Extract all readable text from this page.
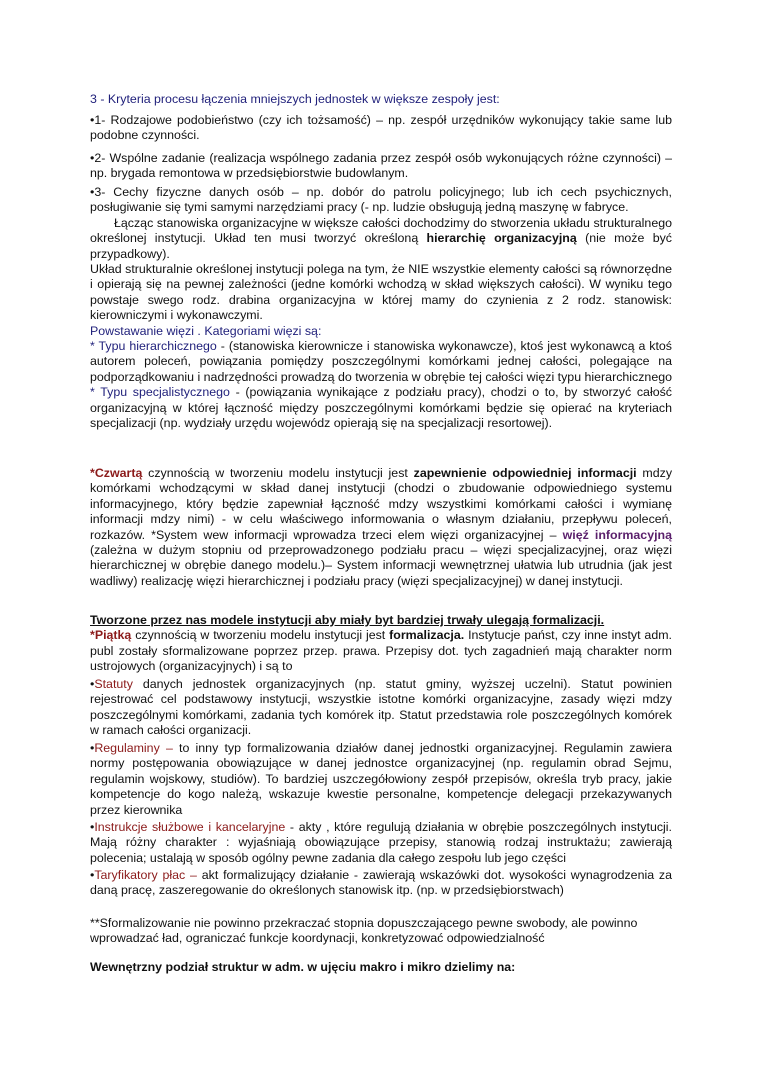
3 - Kryteria procesu łączenia mniejszych jednostek w większe zespoły jest:
•1- Rodzajowe podobieństwo (czy ich tożsamość) – np. zespół urzędników wykonujący takie same lub podobne czynności.
•2- Wspólne zadanie (realizacja wspólnego zadania przez zespół osób wykonujących różne czynności) – np. brygada remontowa w przedsiębiorstwie budowlanym.
•3- Cechy fizyczne danych osób – np. dobór do patrolu policyjnego; lub ich cech psychicznych, posługiwanie się tymi samymi narzędziami pracy (- np. ludzie obsługują jedną maszynę w fabryce.
Łącząc stanowiska organizacyjne w większe całości dochodzimy do stworzenia układu strukturalnego określonej instytucji. Układ ten musi tworzyć określoną hierarchię organizacyjną (nie może być przypadkowy).
Układ strukturalnie określonej instytucji polega na tym, że NIE wszystkie elementy całości są równorzędne i opierają się na pewnej zależności (jedne komórki wchodzą w skład większych całości). W wyniku tego powstaje swego rodz. drabina organizacyjna w której mamy do czynienia z 2 rodz. stanowisk: kierowniczymi i wykonawczymi.
Powstawanie więzi . Kategoriami więzi są:
* Typu hierarchicznego - (stanowiska kierownicze i stanowiska wykonawcze), ktoś jest wykonawcą a ktoś autorem poleceń, powiązania pomiędzy poszczególnymi komórkami jednej całości, polegające na podporządkowaniu i nadrzędności prowadzą do tworzenia w obrębie tej całości więzi typu hierarchicznego
* Typu specjalistycznego - (powiązania wynikające z podziału pracy), chodzi o to, by stworzyć całość organizacyjną w której łączność między poszczególnymi komórkami będzie się opierać na kryteriach specjalizacji (np. wydziały urzędu wojewódz opierają się na specjalizacji resortowej).
*Czwartą czynnością w tworzeniu modelu instytucji jest zapewnienie odpowiedniej informacji mdzy komórkami wchodzącymi w skład danej instytucji (chodzi o zbudowanie odpowiedniego systemu informacyjnego, który będzie zapewniał łączność mdzy wszystkimi komórkami całości i wymianę informacji mdzy nimi) - w celu właściwego informowania o własnym działaniu, przepływu poleceń, rozkazów. *System wew informacji wprowadza trzeci elem więzi organizacyjnej – więź informacyjną (zależna w dużym stopniu od przeprowadzonego podziału pracu – więzi specjalizacyjnej, oraz więzi hierarchicznej w obrębie danego modelu.)– System informacji wewnętrznej ułatwia lub utrudnia (jak jest wadliwy) realizację więzi hierarchicznej i podziału pracy (więzi specjalizacyjnej) w danej instytucji.
Tworzone przez nas modele instytucji aby miały byt bardziej trwały ulegają formalizacji.
*Piątką czynnością w tworzeniu modelu instytucji jest formalizacja. Instytucje państ, czy inne instyt adm. publ zostały sformalizowane poprzez przep. prawa. Przepisy dot. tych zagadnień mają charakter norm ustrojowych (organizacyjnych) i są to
•Statuty danych jednostek organizacyjnych (np. statut gminy, wyższej uczelni). Statut powinien rejestrować cel podstawowy instytucji, wszystkie istotne komórki organizacyjne, zasady więzi mdzy poszczególnymi komórkami, zadania tych komórek itp. Statut przedstawia role poszczególnych komórek w ramach całości organizacji.
•Regulaminy – to inny typ formalizowania działów danej jednostki organizacyjnej. Regulamin zawiera normy postępowania obowiązujące w danej jednostce organizacyjnej (np. regulamin obrad Sejmu, regulamin wojskowy, studiów). To bardziej uszczegółowiony zespół przepisów, określa tryb pracy, jakie kompetencje do kogo należą, wskazuje kwestie personalne, kompetencje delegacji przekazywanych przez kierownika
•Instrukcje służbowe i kancelaryjne - akty , które regulują działania w obrębie poszczególnych instytucji. Mają różny charakter : wyjaśniają obowiązujące przepisy, stanowią rodzaj instruktażu; zawierają polecenia; ustalają w sposób ogólny pewne zadania dla całego zespołu lub jego części
•Taryfikatory płac – akt formalizujący działanie - zawierają wskazówki dot. wysokości wynagrodzenia za daną pracę, zaszeregowanie do określonych stanowisk itp. (np. w przedsiębiorstwach)
**Sformalizowanie nie powinno przekraczać stopnia dopuszczającego pewne swobody, ale powinno wprowadzać ład, ograniczać funkcje koordynacji, konkretyzować odpowiedzialność
Wewnętrzny podział struktur w adm. w ujęciu makro i mikro dzielimy na:
